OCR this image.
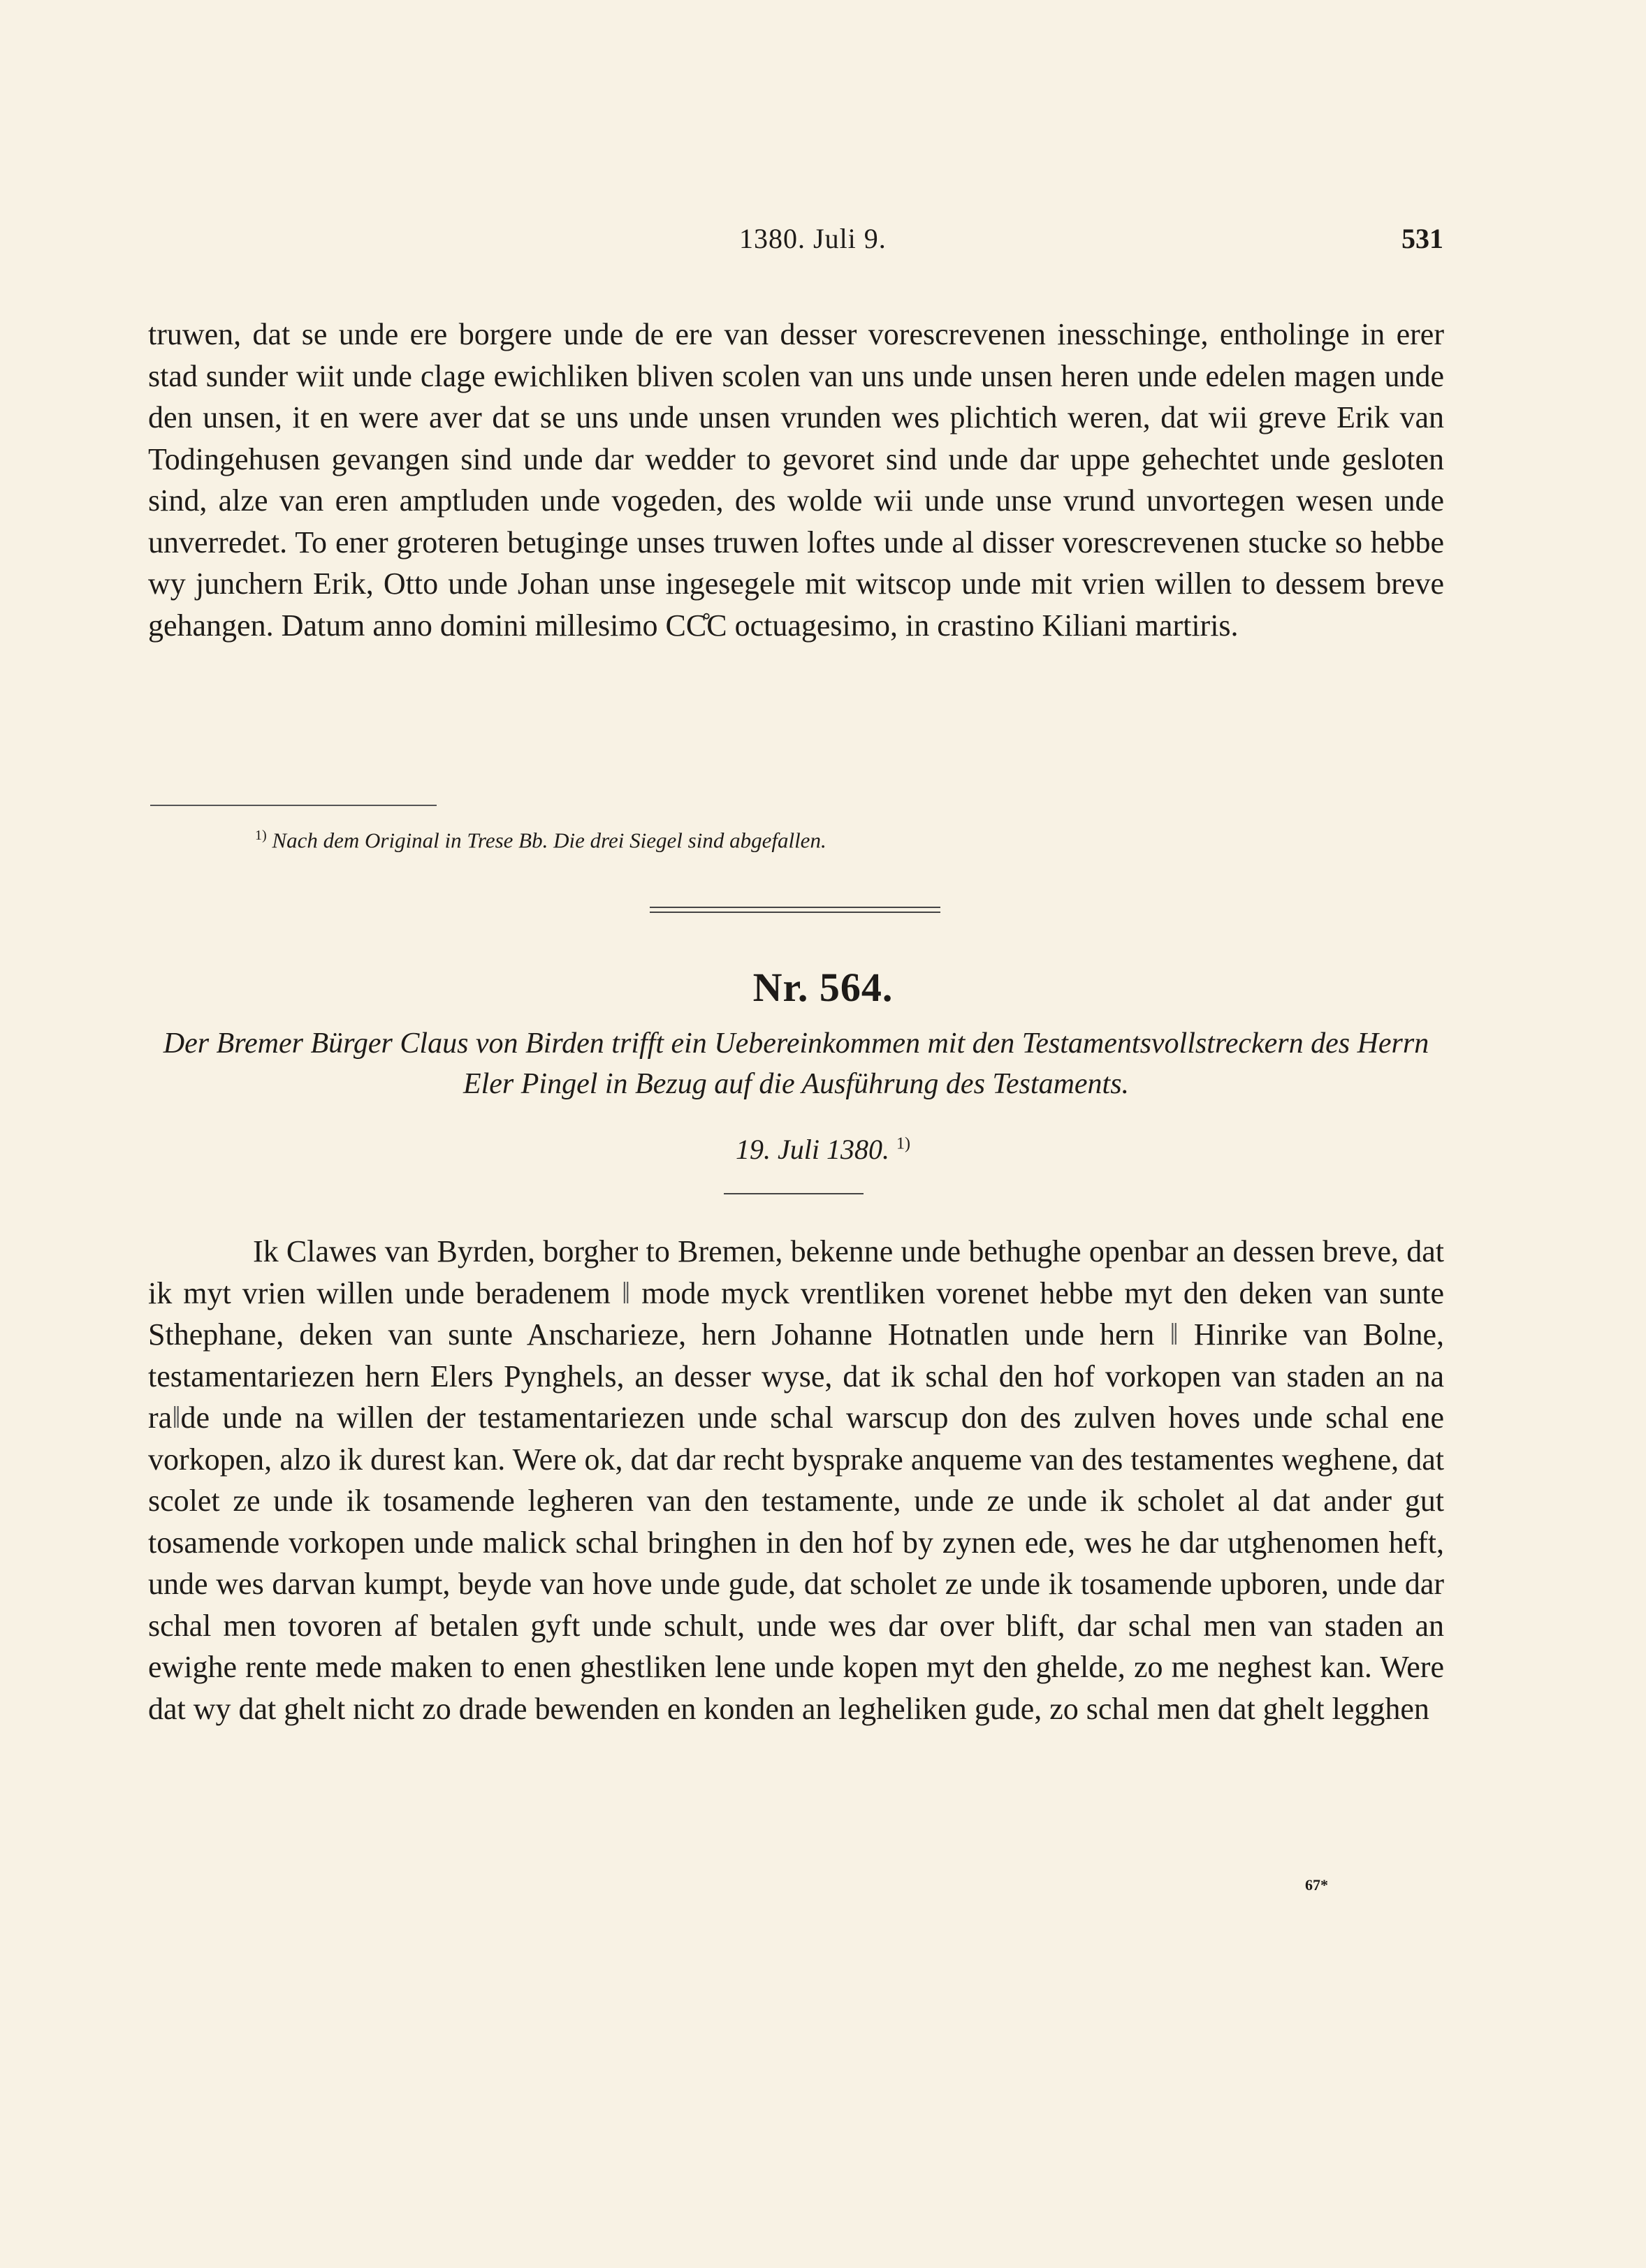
1380. Juli 9.	531
truwen, dat se unde ere borgere unde de ere van desser vorescrevenen inesschinge, entholinge in erer stad sunder wiit unde clage ewichliken bliven scolen van uns unde unsen heren unde edelen magen unde den unsen, it en were aver dat se uns unde unsen vrunden wes plichtich weren, dat wii greve Erik van Todingehusen gevangen sind unde dar wedder to gevoret sind unde dar uppe gehechtet unde gesloten sind, alze van eren amptluden unde vogeden, des wolde wii unde unse vrund unvortegen wesen unde unverredet. To ener groteren betuginge unses truwen loftes unde al disser vorescrevenen stucke so hebbe wy junchern Erik, Otto unde Johan unse ingesegele mit witscop unde mit vrien willen to dessem breve gehangen. Datum anno domini millesimo CC̊C octuagesimo, in crastino Kiliani martiris.
$^{1)}$ Nach dem Original in Trese Bb. Die drei Siegel sind abgefallen.
Nr. 564.
Der Bremer Bürger Claus von Birden trifft ein Uebereinkommen mit den Testamentsvollstreckern des Herrn Eler Pingel in Bezug auf die Ausführung des Testaments.
19. Juli 1380. $^{1)}$
Ik Clawes van Byrden, borgher to Bremen, bekenne unde bethughe openbar an dessen breve, dat ik myt vrien willen unde beradenem ‖ mode myck vrentliken vorenet hebbe myt den deken van sunte Sthephane, deken van sunte Anscharieze, hern Johanne Hotnatlen unde hern ‖ Hinrike van Bolne, testamentariezen hern Elers Pynghels, an desser wyse, dat ik schal den hof vorkopen van staden an na ra‖de unde na willen der testamentariezen unde schal warscup don des zulven hoves unde schal ene vorkopen, alzo ik durest kan. Were ok, dat dar recht bysprake anqueme van des testamentes weghene, dat scolet ze unde ik tosamende legheren van den testamente, unde ze unde ik scholet al dat ander gut tosamende vorkopen unde malick schal bringhen in den hof by zynen ede, wes he dar utghenomen heft, unde wes darvan kumpt, beyde van hove unde gude, dat scholet ze unde ik tosamende upboren, unde dar schal men tovoren af betalen gyft unde schult, unde wes dar over blift, dar schal men van staden an ewighe rente mede maken to enen ghestliken lene unde kopen myt den ghelde, zo me neghest kan. Were dat wy dat ghelt nicht zo drade bewenden en konden an legheliken gude, zo schal men dat ghelt legghen
67*
